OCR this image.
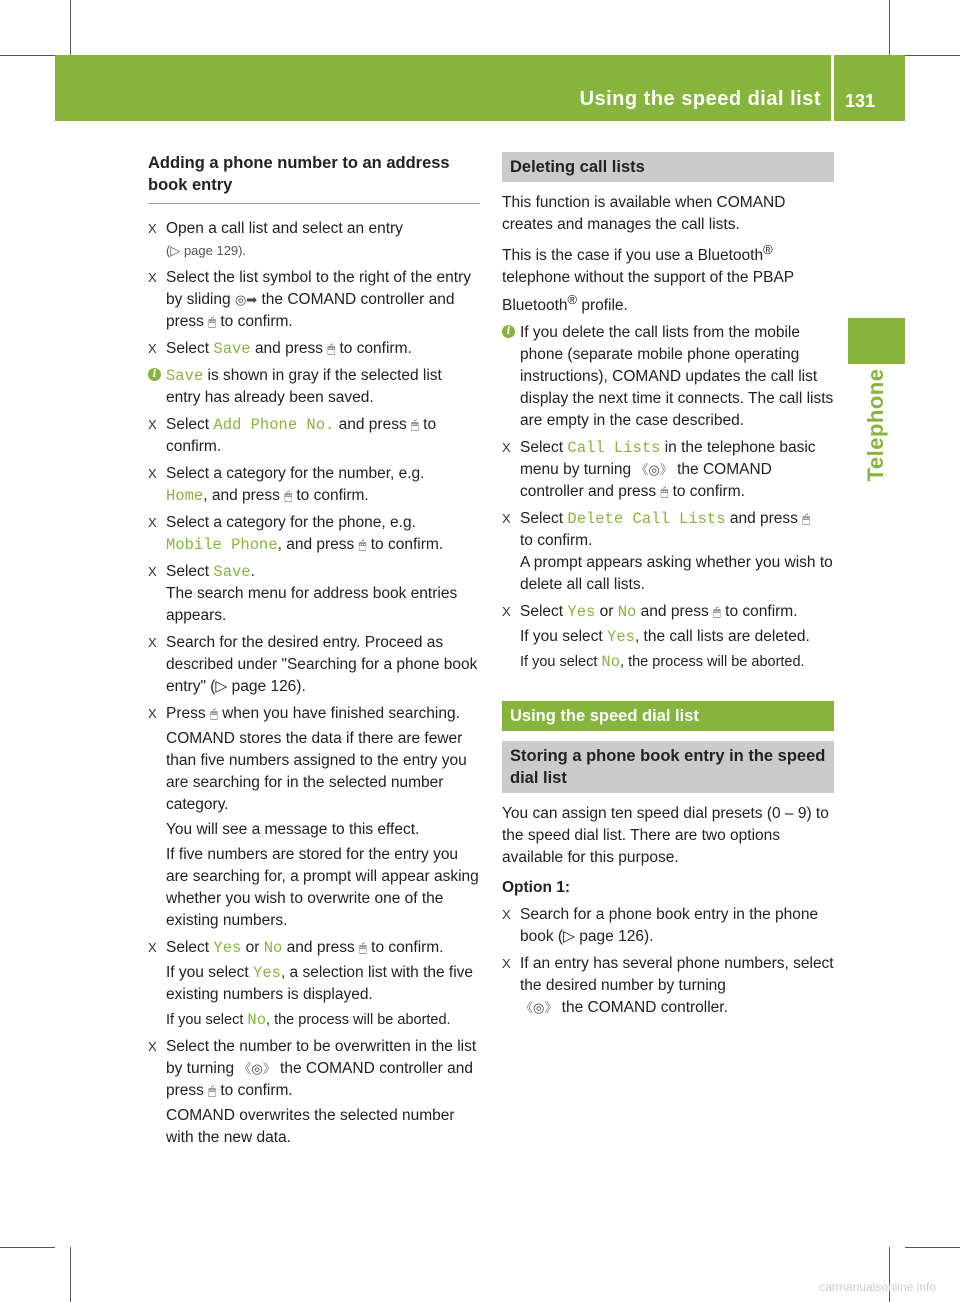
Using the speed dial list 131
Telephone
Adding a phone number to an address book entry
X Open a call list and select an entry
(▷ page 129).
X Select the list symbol to the right of the entry by sliding ◎➡ the COMAND controller and press 🖱 to confirm.
X Select Save and press 🖱 to confirm.
i Save is shown in gray if the selected list entry has already been saved.
X Select Add Phone No. and press 🖱 to confirm.
X Select a category for the number, e.g.
Home, and press 🖱 to confirm.
X Select a category for the phone, e.g.
Mobile Phone, and press 🖱 to confirm.
X Select Save.
The search menu for address book entries appears.
X Search for the desired entry. Proceed as described under "Searching for a phone book entry" (▷ page 126).
X Press 🖱 when you have finished searching.
COMAND stores the data if there are fewer than five numbers assigned to the entry you are searching for in the selected number category.
You will see a message to this effect.
If five numbers are stored for the entry you are searching for, a prompt will appear asking whether you wish to overwrite one of the existing numbers.
X Select Yes or No and press 🖱 to confirm.
If you select Yes, a selection list with the five existing numbers is displayed.
If you select No, the process will be aborted.
X Select the number to be overwritten in the list by turning 《◎》 the COMAND controller and press 🖱 to confirm.
COMAND overwrites the selected number with the new data.
Deleting call lists
This function is available when COMAND creates and manages the call lists.
This is the case if you use a Bluetooth® telephone without the support of the PBAP Bluetooth® profile.
i If you delete the call lists from the mobile phone (separate mobile phone operating instructions), COMAND updates the call list display the next time it connects. The call lists are empty in the case described.
X Select Call Lists in the telephone basic menu by turning 《◎》 the COMAND controller and press 🖱 to confirm.
X Select Delete Call Lists and press 🖱
to confirm.
A prompt appears asking whether you wish to delete all call lists.
X Select Yes or No and press 🖱 to confirm.
If you select Yes, the call lists are deleted.
If you select No, the process will be aborted.
Using the speed dial list
Storing a phone book entry in the speed dial list
You can assign ten speed dial presets (0 – 9) to the speed dial list. There are two options available for this purpose.
Option 1:
X Search for a phone book entry in the phone book (▷ page 126).
X If an entry has several phone numbers, select the desired number by turning
《◎》 the COMAND controller.
carmanualsonline.info
